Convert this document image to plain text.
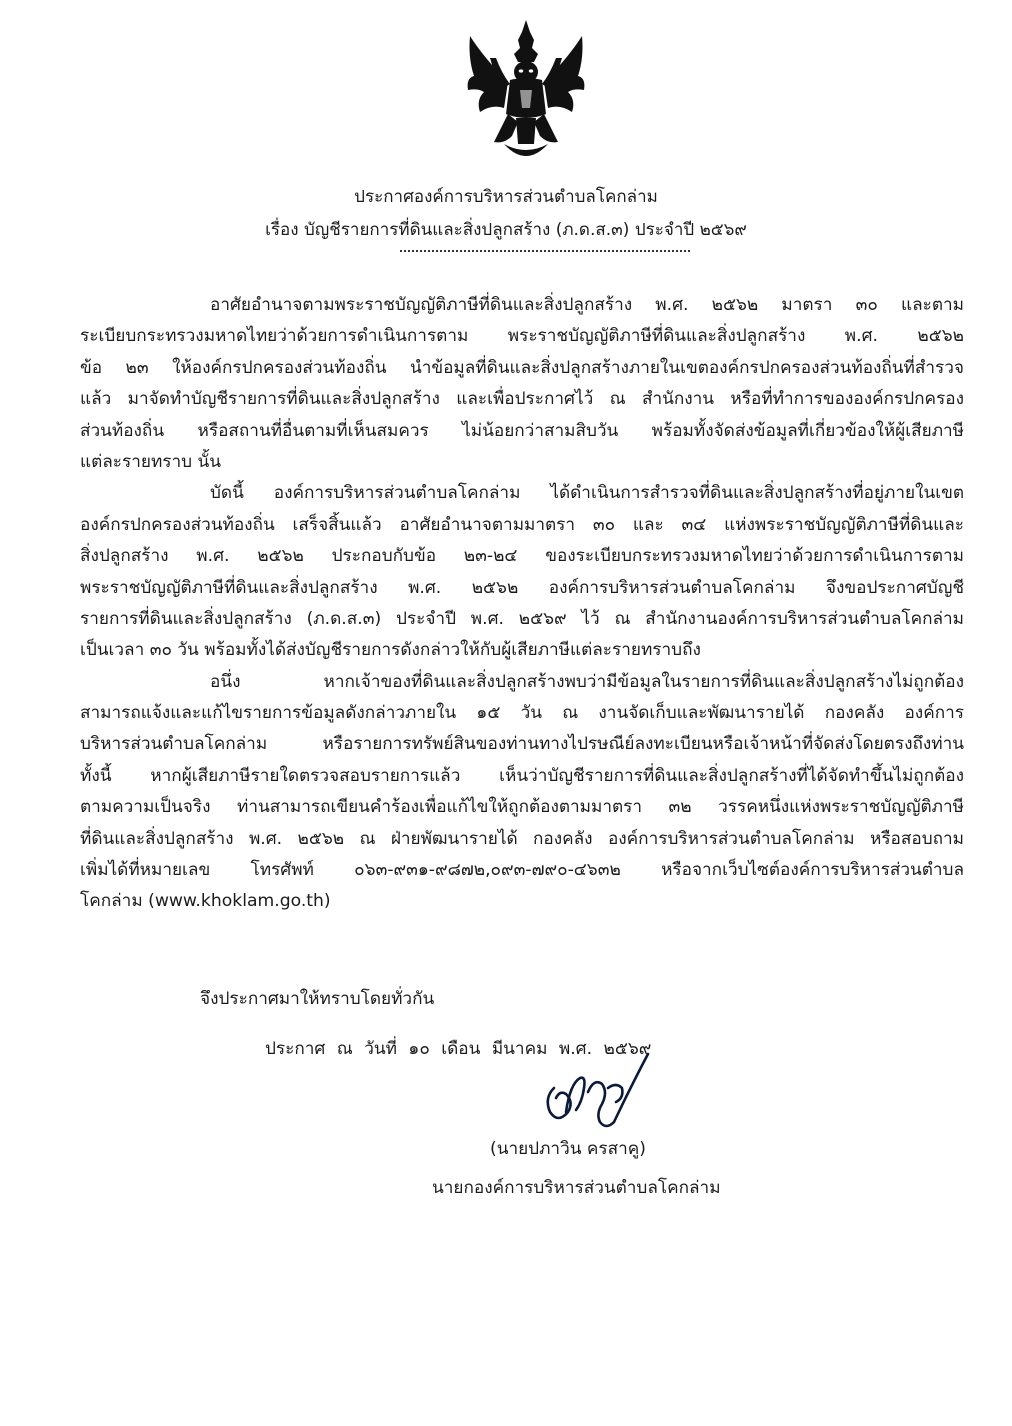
ประกาศองค์การบริหารส่วนตำบลโคกล่าม
เรื่อง บัญชีรายการที่ดินและสิ่งปลูกสร้าง (ภ.ด.ส.๓) ประจำปี ๒๕๖๙
อาศัยอำนาจตามพระราชบัญญัติภาษีที่ดินและสิ่งปลูกสร้าง พ.ศ. ๒๕๖๒ มาตรา ๓๐ และตาม
ระเบียบกระทรวงมหาดไทยว่าด้วยการดำเนินการตาม พระราชบัญญัติภาษีที่ดินและสิ่งปลูกสร้าง พ.ศ. ๒๕๖๒
ข้อ ๒๓ ให้องค์กรปกครองส่วนท้องถิ่น นำข้อมูลที่ดินและสิ่งปลูกสร้างภายในเขตองค์กรปกครองส่วนท้องถิ่นที่สำรวจ
แล้ว มาจัดทำบัญชีรายการที่ดินและสิ่งปลูกสร้าง และเพื่อประกาศไว้ ณ สำนักงาน หรือที่ทำการขององค์กรปกครอง
ส่วนท้องถิ่น หรือสถานที่อื่นตามที่เห็นสมควร ไม่น้อยกว่าสามสิบวัน พร้อมทั้งจัดส่งข้อมูลที่เกี่ยวข้องให้ผู้เสียภาษี
แต่ละรายทราบ นั้น
บัดนี้ องค์การบริหารส่วนตำบลโคกล่าม ได้ดำเนินการสำรวจที่ดินและสิ่งปลูกสร้างที่อยู่ภายในเขต
องค์กรปกครองส่วนท้องถิ่น เสร็จสิ้นแล้ว อาศัยอำนาจตามมาตรา ๓๐ และ ๓๔ แห่งพระราชบัญญัติภาษีที่ดินและ
สิ่งปลูกสร้าง พ.ศ. ๒๕๖๒ ประกอบกับข้อ ๒๓-๒๔ ของระเบียบกระทรวงมหาดไทยว่าด้วยการดำเนินการตาม
พระราชบัญญัติภาษีที่ดินและสิ่งปลูกสร้าง พ.ศ. ๒๕๖๒ องค์การบริหารส่วนตำบลโคกล่าม จึงขอประกาศบัญชี
รายการที่ดินและสิ่งปลูกสร้าง (ภ.ด.ส.๓) ประจำปี พ.ศ. ๒๕๖๙ ไว้ ณ สำนักงานองค์การบริหารส่วนตำบลโคกล่าม
เป็นเวลา ๓๐ วัน พร้อมทั้งได้ส่งบัญชีรายการดังกล่าวให้กับผู้เสียภาษีแต่ละรายทราบถึง
อนึ่ง หากเจ้าของที่ดินและสิ่งปลูกสร้างพบว่ามีข้อมูลในรายการที่ดินและสิ่งปลูกสร้างไม่ถูกต้อง
สามารถแจ้งและแก้ไขรายการข้อมูลดังกล่าวภายใน ๑๕ วัน ณ งานจัดเก็บและพัฒนารายได้ กองคลัง องค์การ
บริหารส่วนตำบลโคกล่าม หรือรายการทรัพย์สินของท่านทางไปรษณีย์ลงทะเบียนหรือเจ้าหน้าที่จัดส่งโดยตรงถึงท่าน
ทั้งนี้ หากผู้เสียภาษีรายใดตรวจสอบรายการแล้ว เห็นว่าบัญชีรายการที่ดินและสิ่งปลูกสร้างที่ได้จัดทำขึ้นไม่ถูกต้อง
ตามความเป็นจริง ท่านสามารถเขียนคำร้องเพื่อแก้ไขให้ถูกต้องตามมาตรา ๓๒ วรรคหนึ่งแห่งพระราชบัญญัติภาษี
ที่ดินและสิ่งปลูกสร้าง พ.ศ. ๒๕๖๒ ณ ฝ่ายพัฒนารายได้ กองคลัง องค์การบริหารส่วนตำบลโคกล่าม หรือสอบถาม
เพิ่มได้ที่หมายเลข โทรศัพท์ ๐๖๓-๙๓๑-๙๘๗๒,๐๙๓-๗๙๐-๔๖๓๒ หรือจากเว็บไซต์องค์การบริหารส่วนตำบล
โคกล่าม (www.khoklam.go.th)
จึงประกาศมาให้ทราบโดยทั่วกัน
ประกาศ ณ วันที่ ๑๐ เดือน มีนาคม พ.ศ. ๒๕๖๙
(นายปภาวิน ครสาคู)
นายกองค์การบริหารส่วนตำบลโคกล่าม
